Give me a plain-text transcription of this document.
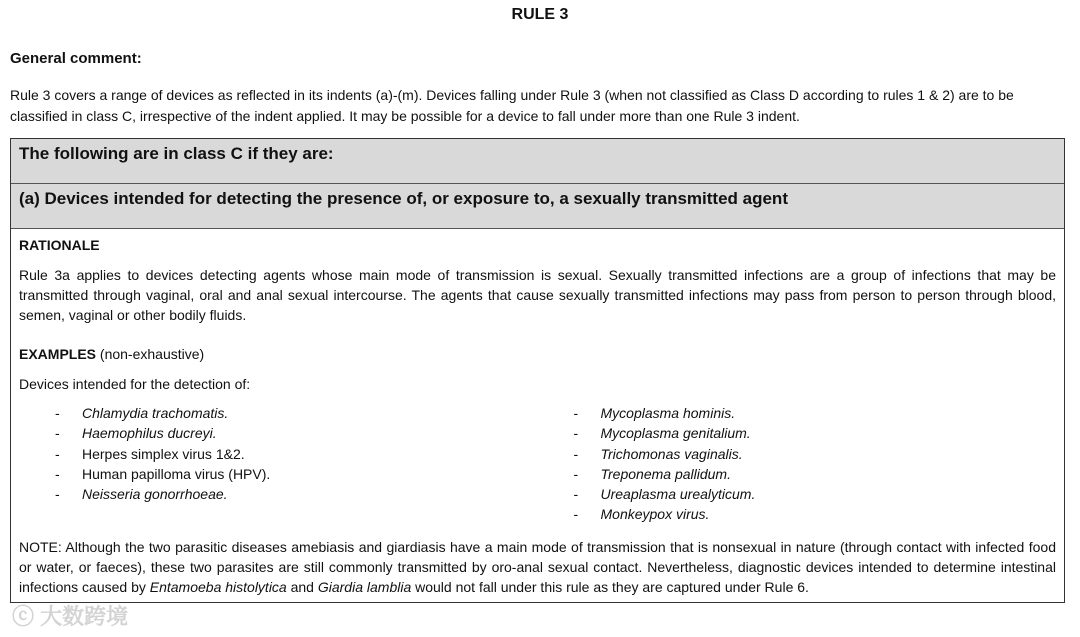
RULE 3
General comment:
Rule 3 covers a range of devices as reflected in its indents (a)-(m). Devices falling under Rule 3 (when not classified as Class D according to rules 1 & 2) are to be classified in class C, irrespective of the indent applied. It may be possible for a device to fall under more than one Rule 3 indent.
The following are in class C if they are:
(a) Devices intended for detecting the presence of, or exposure to, a sexually transmitted agent

RATIONALE

Rule 3a applies to devices detecting agents whose main mode of transmission is sexual. Sexually transmitted infections are a group of infections that may be transmitted through vaginal, oral and anal sexual intercourse. The agents that cause sexually transmitted infections may pass from person to person through blood, semen, vaginal or other bodily fluids.

EXAMPLES (non-exhaustive)

Devices intended for the detection of:

- Chlamydia trachomatis.
- Haemophilus ducreyi.
- Herpes simplex virus 1&2.
- Human papilloma virus (HPV).
- Neisseria gonorrhoeae.
- Mycoplasma hominis.
- Mycoplasma genitalium.
- Trichomonas vaginalis.
- Treponema pallidum.
- Ureaplasma urealyticum.
- Monkeypox virus.

NOTE: Although the two parasitic diseases amebiasis and giardiasis have a main mode of transmission that is nonsexual in nature (through contact with infected food or water, or faeces), these two parasites are still commonly transmitted by oro-anal sexual contact. Nevertheless, diagnostic devices intended to determine intestinal infections caused by Entamoeba histolytica and Giardia lamblia would not fall under this rule as they are captured under Rule 6.

ⓒ 大数跨境
